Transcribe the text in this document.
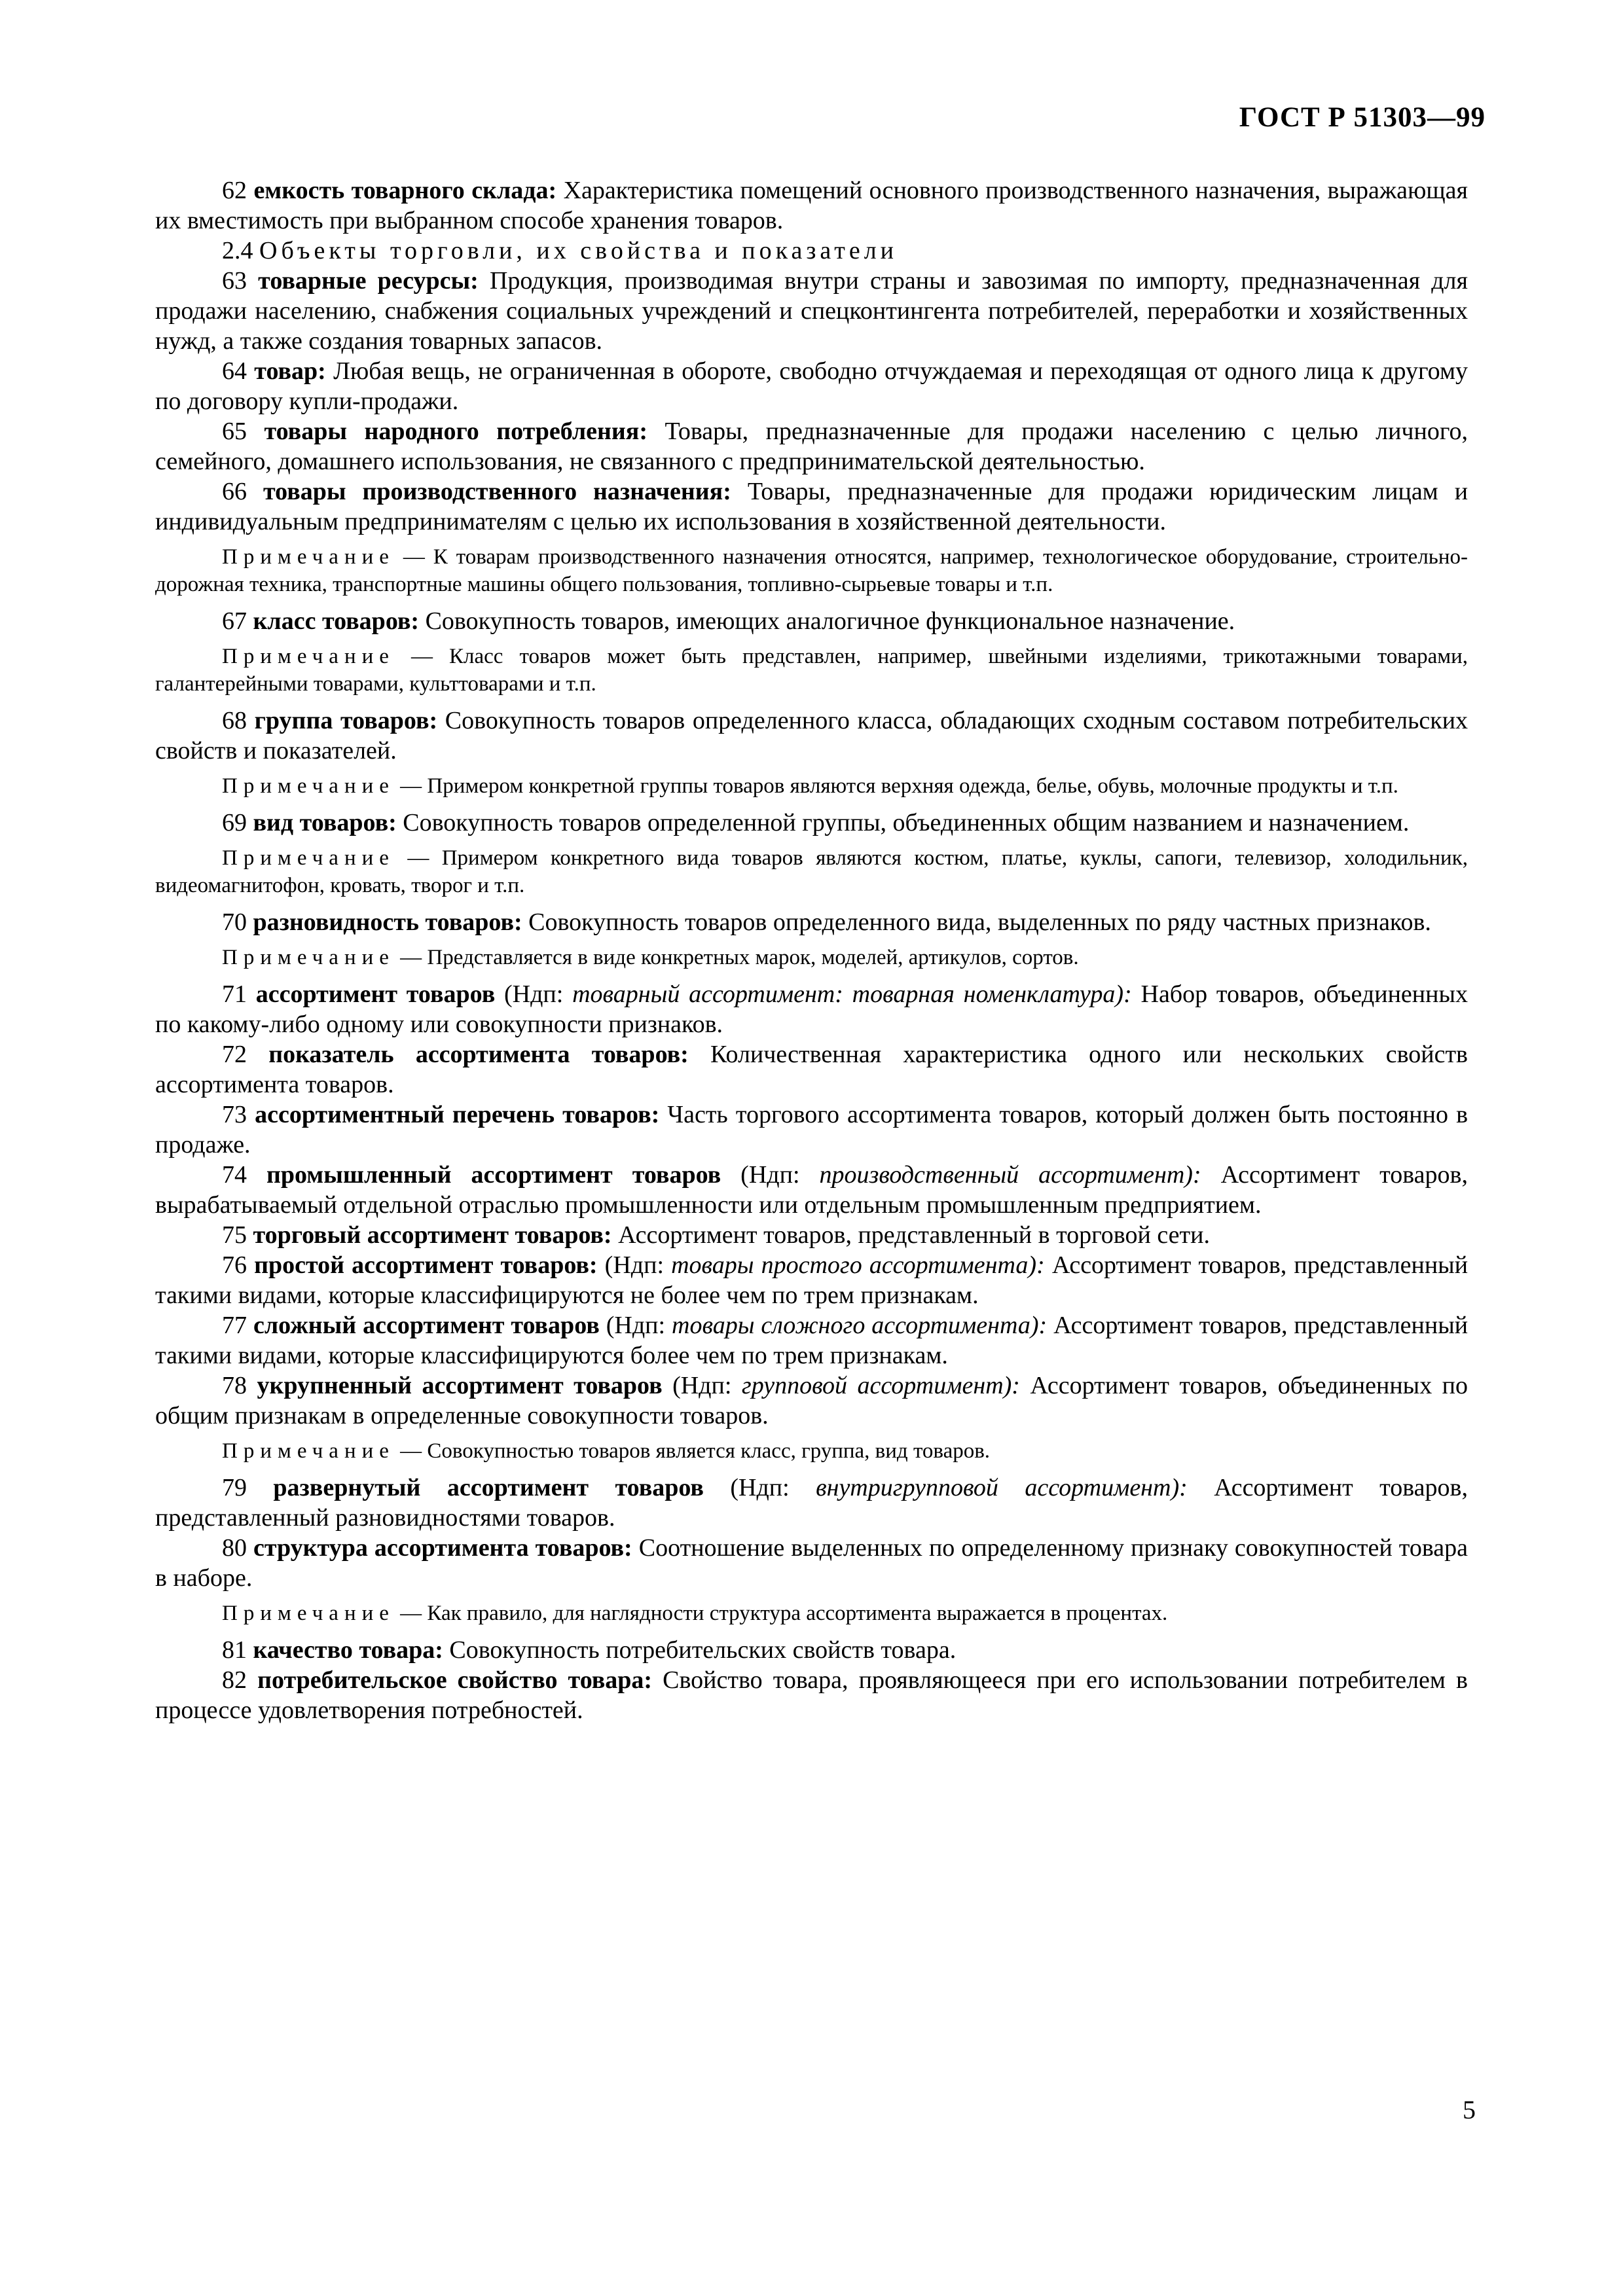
ГОСТ Р 51303—99

62 емкость товарного склада: Характеристика помещений основного производственного назначения, выражающая их вместимость при выбранном способе хранения товаров.

2.4 Объекты торговли, их свойства и показатели

63 товарные ресурсы: Продукция, производимая внутри страны и завозимая по импорту, предназначенная для продажи населению, снабжения социальных учреждений и спецконтингента потребителей, переработки и хозяйственных нужд, а также создания товарных запасов.

64 товар: Любая вещь, не ограниченная в обороте, свободно отчуждаемая и переходящая от одного лица к другому по договору купли-продажи.

65 товары народного потребления: Товары, предназначенные для продажи населению с целью личного, семейного, домашнего использования, не связанного с предпринимательской деятельностью.

66 товары производственного назначения: Товары, предназначенные для продажи юридическим лицам и индивидуальным предпринимателям с целью их использования в хозяйственной деятельности.

Примечание — К товарам производственного назначения относятся, например, технологическое оборудование, строительно-дорожная техника, транспортные машины общего пользования, топливно-сырьевые товары и т.п.

67 класс товаров: Совокупность товаров, имеющих аналогичное функциональное назначение.

Примечание — Класс товаров может быть представлен, например, швейными изделиями, трикотажными товарами, галантерейными товарами, культтоварами и т.п.

68 группа товаров: Совокупность товаров определенного класса, обладающих сходным составом потребительских свойств и показателей.

Примечание — Примером конкретной группы товаров являются верхняя одежда, белье, обувь, молочные продукты и т.п.

69 вид товаров: Совокупность товаров определенной группы, объединенных общим названием и назначением.

Примечание — Примером конкретного вида товаров являются костюм, платье, куклы, сапоги, телевизор, холодильник, видеомагнитофон, кровать, творог и т.п.

70 разновидность товаров: Совокупность товаров определенного вида, выделенных по ряду частных признаков.

Примечание — Представляется в виде конкретных марок, моделей, артикулов, сортов.

71 ассортимент товаров (Ндп: товарный ассортимент: товарная номенклатура): Набор товаров, объединенных по какому-либо одному или совокупности признаков.

72 показатель ассортимента товаров: Количественная характеристика одного или нескольких свойств ассортимента товаров.

73 ассортиментный перечень товаров: Часть торгового ассортимента товаров, который должен быть постоянно в продаже.

74 промышленный ассортимент товаров (Ндп: производственный ассортимент): Ассортимент товаров, вырабатываемый отдельной отраслью промышленности или отдельным промышленным предприятием.

75 торговый ассортимент товаров: Ассортимент товаров, представленный в торговой сети.

76 простой ассортимент товаров: (Ндп: товары простого ассортимента): Ассортимент товаров, представленный такими видами, которые классифицируются не более чем по трем признакам.

77 сложный ассортимент товаров (Ндп: товары сложного ассортимента): Ассортимент товаров, представленный такими видами, которые классифицируются более чем по трем признакам.

78 укрупненный ассортимент товаров (Ндп: групповой ассортимент): Ассортимент товаров, объединенных по общим признакам в определенные совокупности товаров.

Примечание — Совокупностью товаров является класс, группа, вид товаров.

79 развернутый ассортимент товаров (Ндп: внутригрупповой ассортимент): Ассортимент товаров, представленный разновидностями товаров.

80 структура ассортимента товаров: Соотношение выделенных по определенному признаку совокупностей товара в наборе.

Примечание — Как правило, для наглядности структура ассортимента выражается в процентах.

81 качество товара: Совокупность потребительских свойств товара.

82 потребительское свойство товара: Свойство товара, проявляющееся при его использовании потребителем в процессе удовлетворения потребностей.

5
